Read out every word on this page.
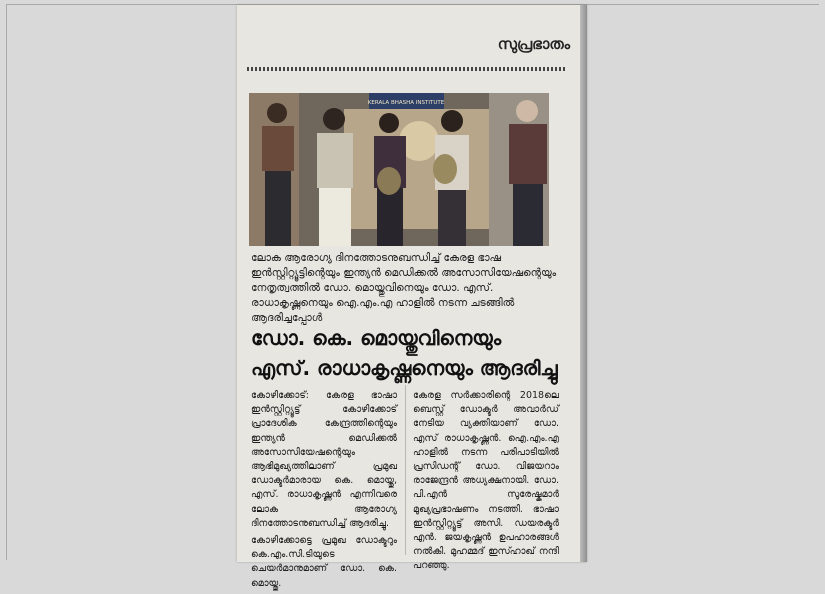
സുപ്രഭാതം
KERALA BHASHA INSTITUTE
ലോക ആരോഗ്യ ദിനത്തോടനുബന്ധിച്ച് കേരള ഭാഷ ഇൻസ്റ്റിറ്റ്യൂട്ടിന്റെയും ഇന്ത്യൻ മെഡിക്കൽ അസോസിയേഷന്റെയും നേതൃത്വത്തിൽ ഡോ. മൊയ്തുവിനെയും ഡോ. എസ്. രാധാകൃഷ്ണനെയും ഐ.എം.എ ഹാളിൽ നടന്ന ചടങ്ങിൽ ആദരിച്ചപ്പോൾ
ഡോ. കെ. മൊയ്തുവിനെയും
എസ്. രാധാകൃഷ്ണനെയും ആദരിച്ചു

കോഴിക്കോട്: കേരള ഭാഷാ ഇൻസ്റ്റിറ്റ്യൂട്ട് കോഴിക്കോട് പ്രാദേശിക കേന്ദ്രത്തിന്റെയും ഇന്ത്യൻ മെഡിക്കൽ അസോസിയേഷന്റെയും ആഭിമുഖ്യത്തിലാണ് പ്രമുഖ ഡോക്ടർമാരായ കെ. മൊയ്തു, എസ്. രാധാകൃഷ്ണൻ എന്നിവരെ ലോക ആരോഗ്യ ദിനത്തോടനുബന്ധിച്ച് ആദരിച്ചു.

കോഴിക്കോട്ടെ പ്രമുഖ ഡോക്ടറും കെ.എം.സി.ടിയുടെ ചെയർമാനുമാണ് ഡോ. കെ. മൊയ്തു.

കേരള സർക്കാരിന്റെ 2018ലെ ബെസ്റ്റ് ഡോക്ടർ അവാർഡ് നേടിയ വ്യക്തിയാണ് ഡോ. എസ് രാധാകൃഷ്ണൻ. ഐ.എം.എ ഹാളിൽ നടന്ന പരിപാടിയിൽ പ്രസിഡന്റ് ഡോ. വിജയറാം രാജേന്ദ്രൻ അധ്യക്ഷനായി. ഡോ. പി.എൻ സുരേഷ്കുമാർ മുഖ്യപ്രഭാഷണം നടത്തി. ഭാഷാ ഇൻസ്റ്റിറ്റ്യൂട്ട് അസി. ഡയരക്ടർ എൻ. ജയകൃഷ്ണൻ ഉപഹാരങ്ങൾ നൽകി. മുഹമ്മദ് ഇസ്ഹാഖ് നന്ദി പറഞ്ഞു.
